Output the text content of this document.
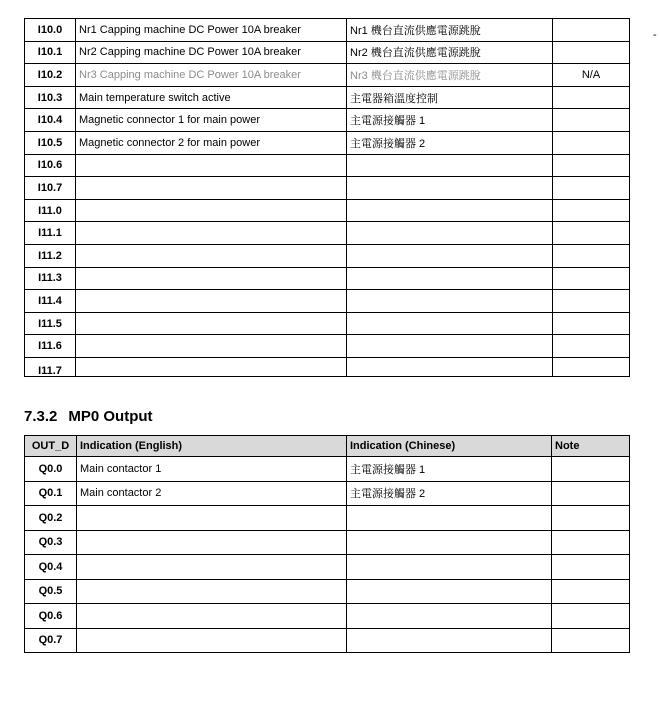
-
I10.0	Nr1 Capping machine DC Power 10A breaker	Nr1 機台直流供應電源跳脫	
I10.1	Nr2 Capping machine DC Power 10A breaker	Nr2 機台直流供應電源跳脫	
I10.2	Nr3 Capping machine DC Power 10A breaker	Nr3 機台直流供應電源跳脫	N/A
I10.3	Main temperature switch active	主電器箱溫度控制	
I10.4	Magnetic connector 1 for main power	主電源接觸器 1	
I10.5	Magnetic connector 2 for main power	主電源接觸器 2	
I10.6			
I10.7			
I11.0			
I11.1			
I11.2			
I11.3			
I11.4			
I11.5			
I11.6			
I11.7			
7.3.2 MP0 Output
OUT_D	Indication (English)	Indication (Chinese)	Note
Q0.0	Main contactor 1	主電源接觸器 1	
Q0.1	Main contactor 2	主電源接觸器 2	
Q0.2			
Q0.3			
Q0.4			
Q0.5			
Q0.6			
Q0.7			
